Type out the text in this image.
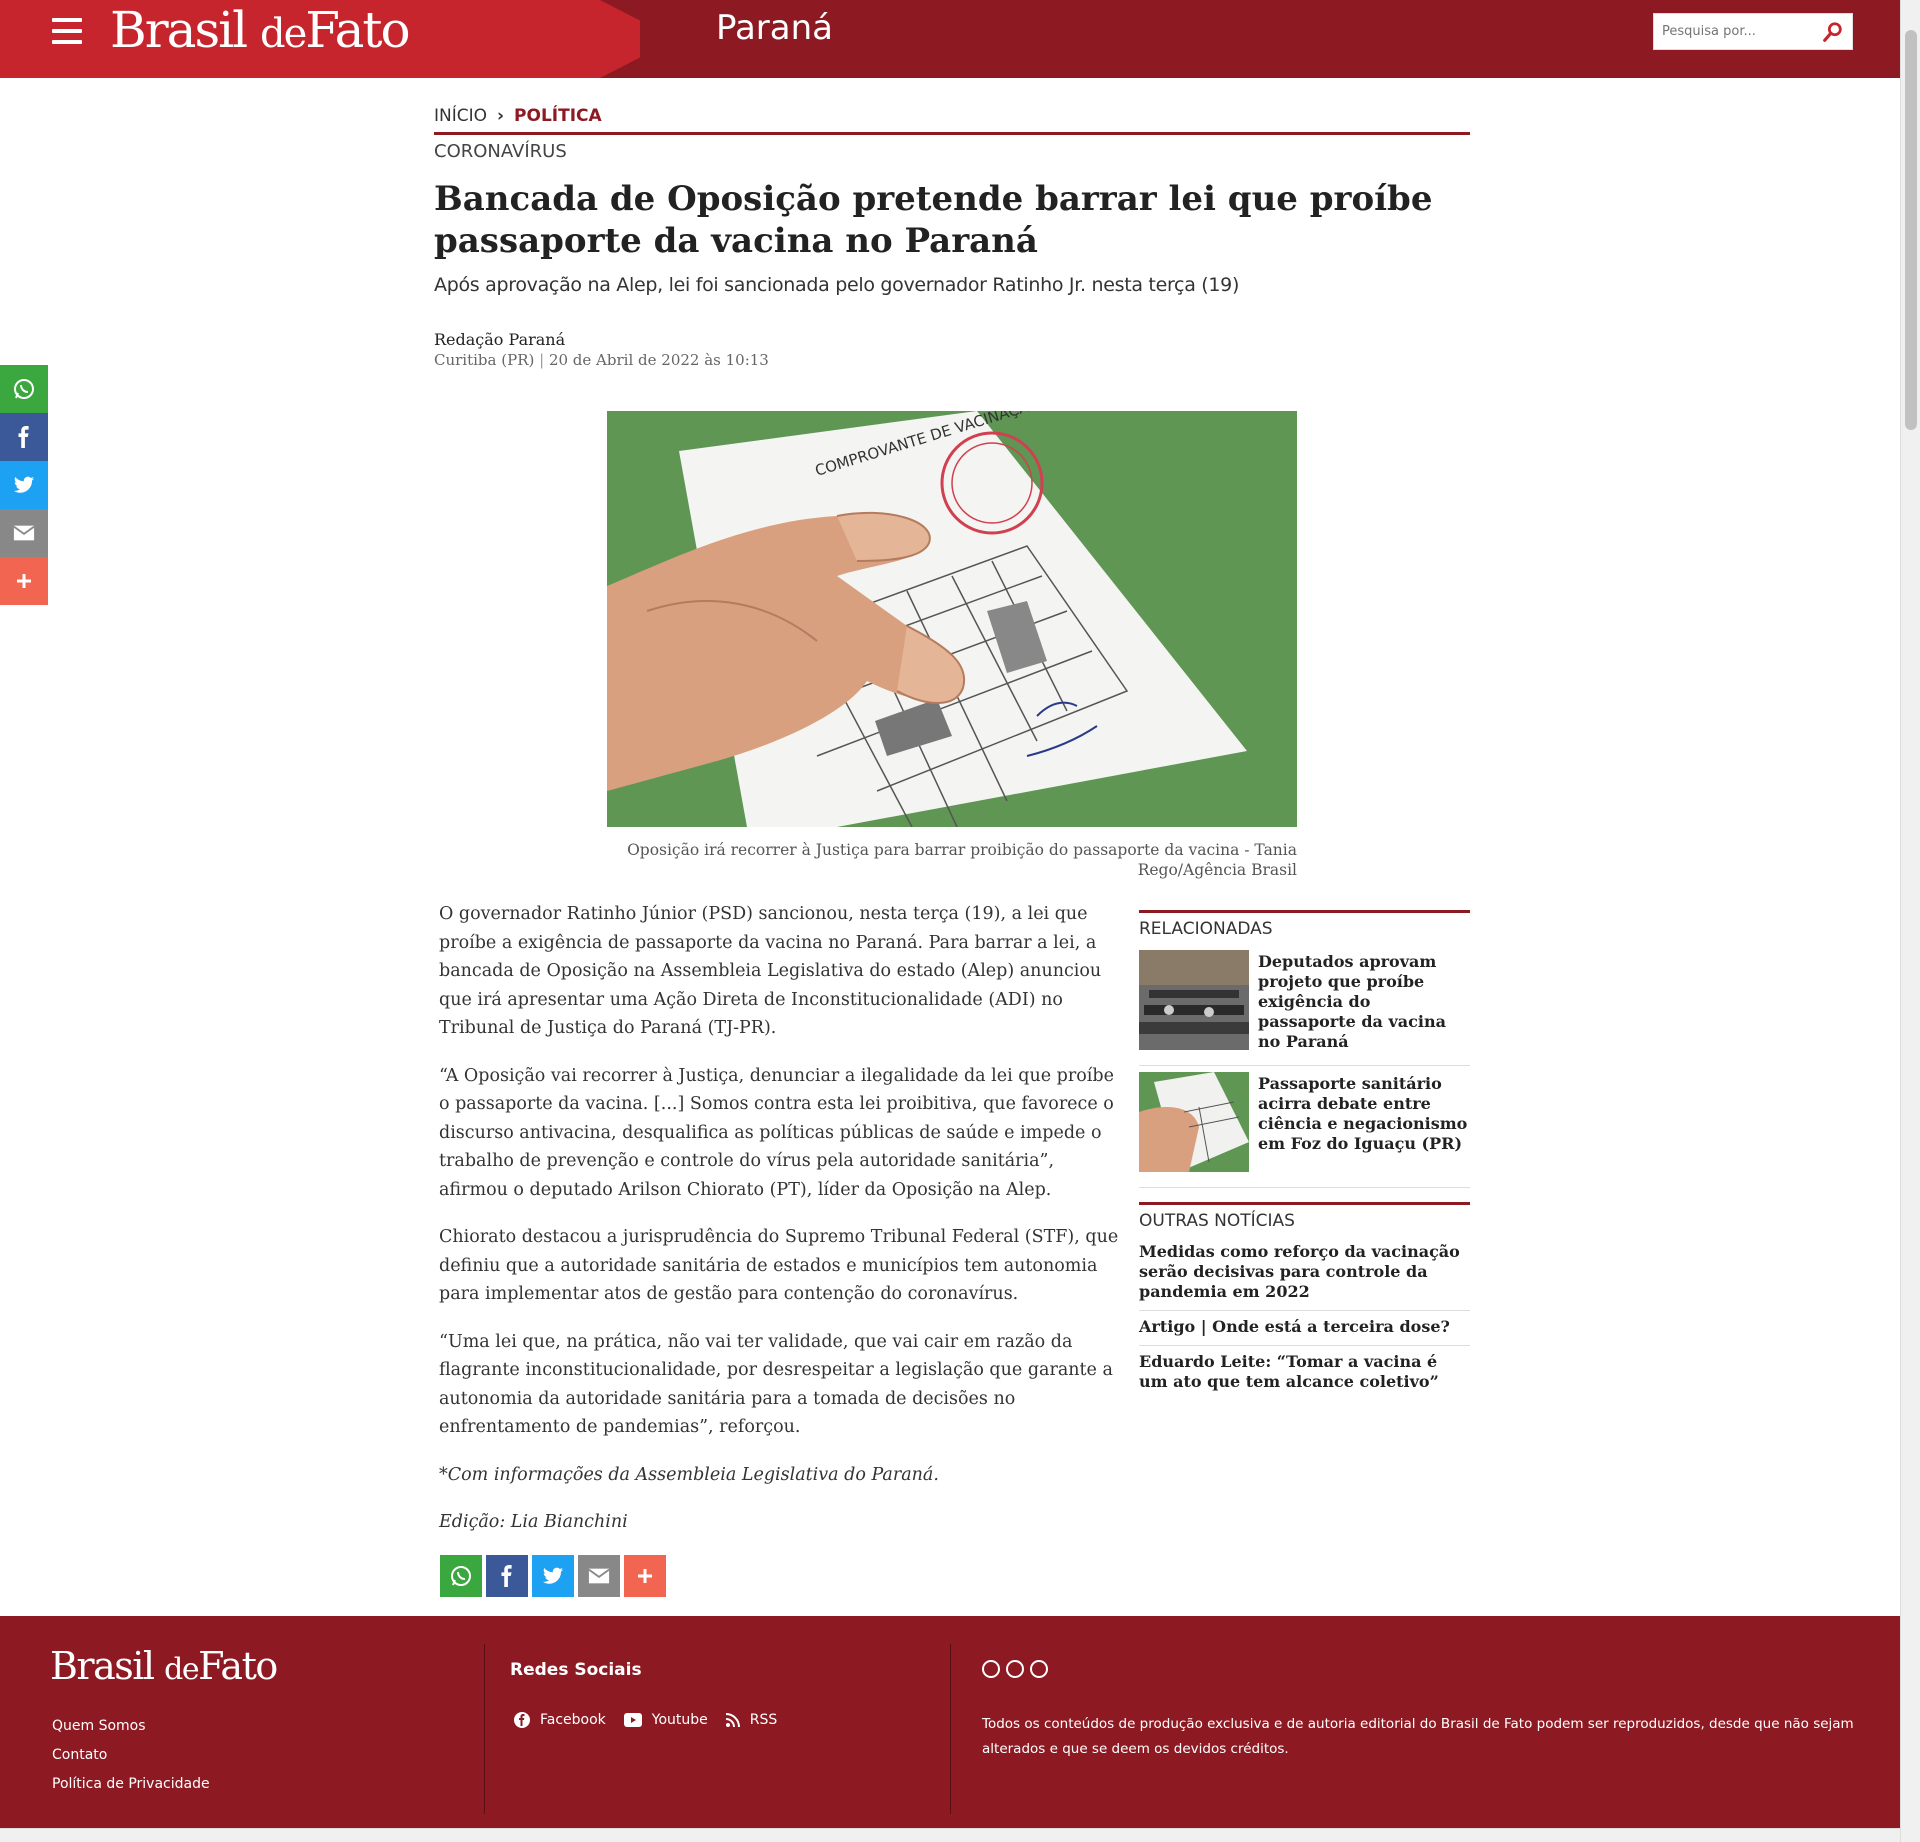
Brasil deFato	Paraná
Pesquisa por...
INÍCIO › POLÍTICA
CORONAVÍRUS
Bancada de Oposição pretende barrar lei que proíbe passaporte da vacina no Paraná
Após aprovação na Alep, lei foi sancionada pelo governador Ratinho Jr. nesta terça (19)
Redação Paraná
Curitiba (PR) | 20 de Abril de 2022 às 10:13
Oposição irá recorrer à Justiça para barrar proibição do passaporte da vacina - Tania Rego/Agência Brasil

O governador Ratinho Júnior (PSD) sancionou, nesta terça (19), a lei que proíbe a exigência de passaporte da vacina no Paraná. Para barrar a lei, a bancada de Oposição na Assembleia Legislativa do estado (Alep) anunciou que irá apresentar uma Ação Direta de Inconstitucionalidade (ADI) no Tribunal de Justiça do Paraná (TJ-PR).

“A Oposição vai recorrer à Justiça, denunciar a ilegalidade da lei que proíbe o passaporte da vacina. [...] Somos contra esta lei proibitiva, que favorece o discurso antivacina, desqualifica as políticas públicas de saúde e impede o trabalho de prevenção e controle do vírus pela autoridade sanitária”, afirmou o deputado Arilson Chiorato (PT), líder da Oposição na Alep.

Chiorato destacou a jurisprudência do Supremo Tribunal Federal (STF), que definiu que a autoridade sanitária de estados e municípios tem autonomia para implementar atos de gestão para contenção do coronavírus.

“Uma lei que, na prática, não vai ter validade, que vai cair em razão da flagrante inconstitucionalidade, por desrespeitar a legislação que garante a autonomia da autoridade sanitária para a tomada de decisões no enfrentamento de pandemias”, reforçou.

*Com informações da Assembleia Legislativa do Paraná.

Edição: Lia Bianchini

RELACIONADAS
Deputados aprovam projeto que proíbe exigência do passaporte da vacina no Paraná
Passaporte sanitário acirra debate entre ciência e negacionismo em Foz do Iguaçu (PR)
OUTRAS NOTÍCIAS
Medidas como reforço da vacinação serão decisivas para controle da pandemia em 2022
Artigo | Onde está a terceira dose?
Eduardo Leite: “Tomar a vacina é um ato que tem alcance coletivo”
Brasil deFato
Quem Somos
Contato
Política de Privacidade
Redes Sociais
Facebook	Youtube	RSS	Todos os conteúdos de produção exclusiva e de autoria editorial do Brasil de Fato podem ser reproduzidos, desde que não sejam alterados e que se deem os devidos créditos.
